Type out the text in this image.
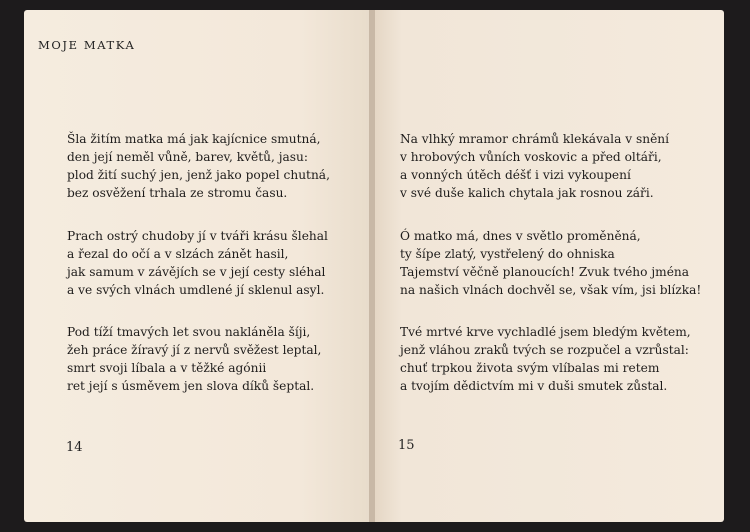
MOJE MATKA
Šla žitím matka má jak kajícnice smutná,
den její neměl vůně, barev, květů, jasu:
plod žití suchý jen, jenž jako popel chutná,
bez osvěžení trhala ze stromu času.
Prach ostrý chudoby jí v tváři krásu šlehal
a řezal do očí a v slzách zánět hasil,
jak samum v závějích se v její cesty sléhal
a ve svých vlnách umdlené jí sklenul asyl.
Pod tíží tmavých let svou nakláněla šíji,
žeh práce žíravý jí z nervů svěžest leptal,
smrt svoji líbala a v těžké agónii
ret její s úsměvem jen slova díků šeptal.
14
Na vlhký mramor chrámů klekávala v snění
v hrobových vůních voskovic a před oltáři,
a vonných útěch déšť i vizi vykoupení
v své duše kalich chytala jak rosnou záři.
Ó matko má, dnes v světlo proměněná,
ty šípe zlatý, vystřelený do ohniska
Tajemství věčně planoucích! Zvuk tvého jména
na našich vlnách dochvěl se, však vím, jsi blízka!
Tvé mrtvé krve vychladlé jsem bledým květem,
jenž vláhou zraků tvých se rozpučel a vzrůstal:
chuť trpkou života svým vlíbalas mi retem
a tvojím dědictvím mi v duši smutek zůstal.
15
